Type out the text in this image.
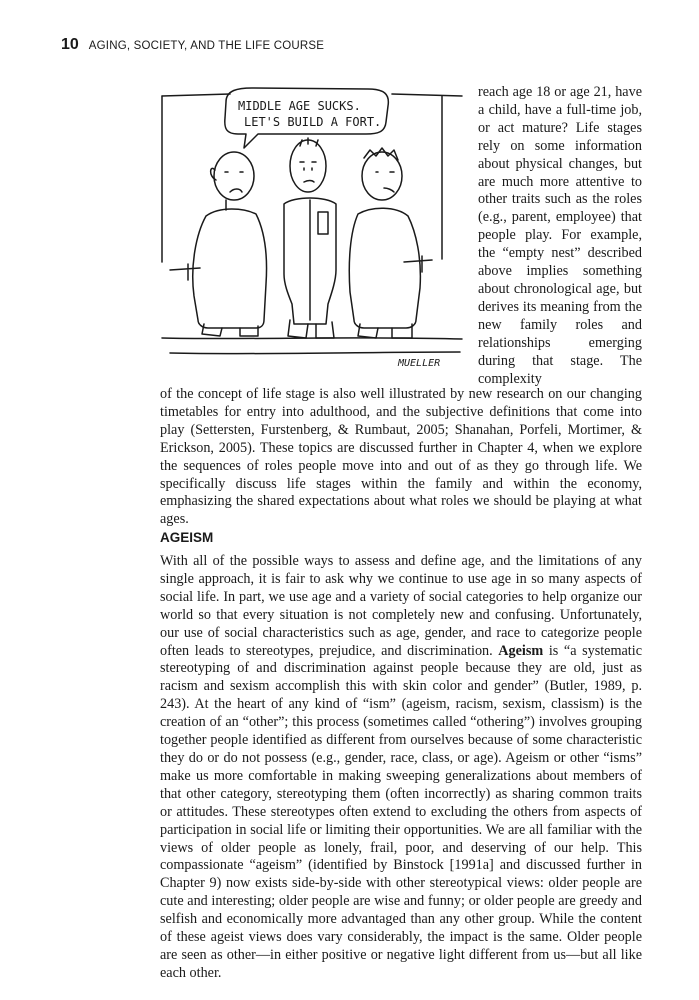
10 AGING, SOCIETY, AND THE LIFE COURSE
MIDDLE AGE SUCKS.
LET'S BUILD A FORT.
MUELLER

reach age 18 or age 21, have a child, have a full-time job, or act mature? Life stages rely on some information about physical changes, but are much more attentive to other traits such as the roles (e.g., parent, employee) that people play. For example, the “empty nest” described above implies something about chronological age, but derives its meaning from the new family roles and relationships emerging during that stage. The complexity

of the concept of life stage is also well illustrated by new research on our changing timetables for entry into adulthood, and the subjective definitions that come into play (Settersten, Furstenberg, & Rumbaut, 2005; Shanahan, Porfeli, Mortimer, & Erickson, 2005). These topics are discussed further in Chapter 4, when we explore the sequences of roles people move into and out of as they go through life. We specifically discuss life stages within the family and within the economy, emphasizing the shared expectations about what roles we should be playing at what ages.

AGEISM

With all of the possible ways to assess and define age, and the limitations of any single approach, it is fair to ask why we continue to use age in so many aspects of social life. In part, we use age and a variety of social categories to help organize our world so that every situation is not completely new and confusing. Unfortunately, our use of social characteristics such as age, gender, and race to categorize people often leads to stereotypes, prejudice, and discrimination. Ageism is “a systematic stereotyping of and discrimination against people because they are old, just as racism and sexism accomplish this with skin color and gender” (Butler, 1989, p. 243). At the heart of any kind of “ism” (ageism, racism, sexism, classism) is the creation of an “other”; this process (sometimes called “othering”) involves grouping together people identified as different from ourselves because of some characteristic they do or do not possess (e.g., gender, race, class, or age). Ageism or other “isms” make us more comfortable in making sweeping generalizations about members of that other category, stereotyping them (often incorrectly) as sharing common traits or attitudes. These stereotypes often extend to excluding the others from aspects of participation in social life or limiting their opportunities. We are all familiar with the views of older people as lonely, frail, poor, and deserving of our help. This compassionate “ageism” (identified by Binstock [1991a] and discussed further in Chapter 9) now exists side-by-side with other stereotypical views: older people are cute and interesting; older people are wise and funny; or older people are greedy and selfish and economically more advantaged than any other group. While the content of these ageist views does vary considerably, the impact is the same. Older people are seen as other—in either positive or negative light different from us—but all like each other.
